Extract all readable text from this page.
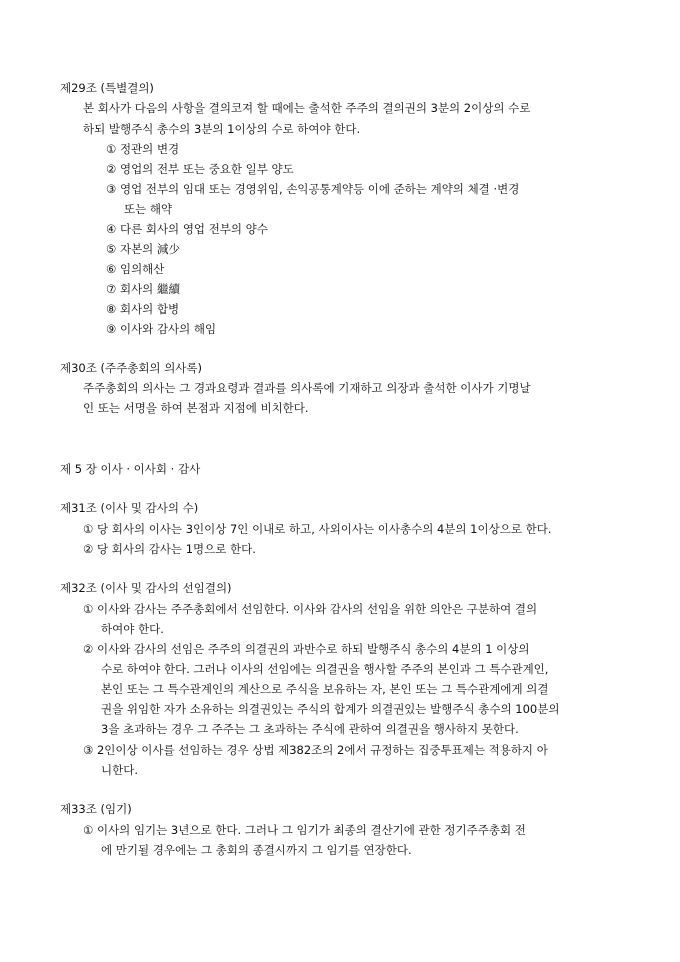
제29조 (특별결의)
본 회사가 다음의 사항을 결의코져 할 때에는 출석한 주주의 결의권의 3분의 2이상의 수로
하되 발행주식 총수의 3분의 1이상의 수로 하여야 한다.
① 정관의 변경
② 영업의 전부 또는 중요한 일부 양도
③ 영업 전부의 임대 또는 경영위임, 손익공통계약등 이에 준하는 계약의 체결 ·변경
또는 해약
④ 다른 회사의 영업 전부의 양수
⑤ 자본의 減少
⑥ 임의해산
⑦ 회사의 繼續
⑧ 회사의 합병
⑨ 이사와 감사의 해임
제30조 (주주총회의 의사록)
주주총회의 의사는 그 경과요령과 결과를 의사록에 기재하고 의장과 출석한 이사가 기명날
인 또는 서명을 하여 본점과 지점에 비치한다.
제 5 장 이사 · 이사회 · 감사
제31조 (이사 및 감사의 수)
① 당 회사의 이사는 3인이상 7인 이내로 하고, 사외이사는 이사총수의 4분의 1이상으로 한다.
② 당 회사의 감사는 1명으로 한다.
제32조 (이사 및 감사의 선임결의)
① 이사와 감사는 주주총회에서 선임한다. 이사와 감사의 선임을 위한 의안은 구분하여 결의
하여야 한다.
② 이사와 감사의 선임은 주주의 의결권의 과반수로 하되 발행주식 총수의 4분의 1 이상의
수로 하여야 한다. 그러나 이사의 선임에는 의결권을 행사할 주주의 본인과 그 특수관계인,
본인 또는 그 특수관계인의 계산으로 주식을 보유하는 자, 본인 또는 그 특수관계에게 의결
권을 위임한 자가 소유하는 의결권있는 주식의 합계가 의결권있는 발행주식 총수의 100분의
3을 초과하는 경우 그 주주는 그 초과하는 주식에 관하여 의결권을 행사하지 못한다.
③ 2인이상 이사를 선임하는 경우 상법 제382조의 2에서 규정하는 집중투표제는 적용하지 아
니한다.
제33조 (임기)
① 이사의 임기는 3년으로 한다. 그러나 그 임기가 최종의 결산기에 관한 정기주주총회 전
에 만기될 경우에는 그 총회의 종결시까지 그 임기를 연장한다.
